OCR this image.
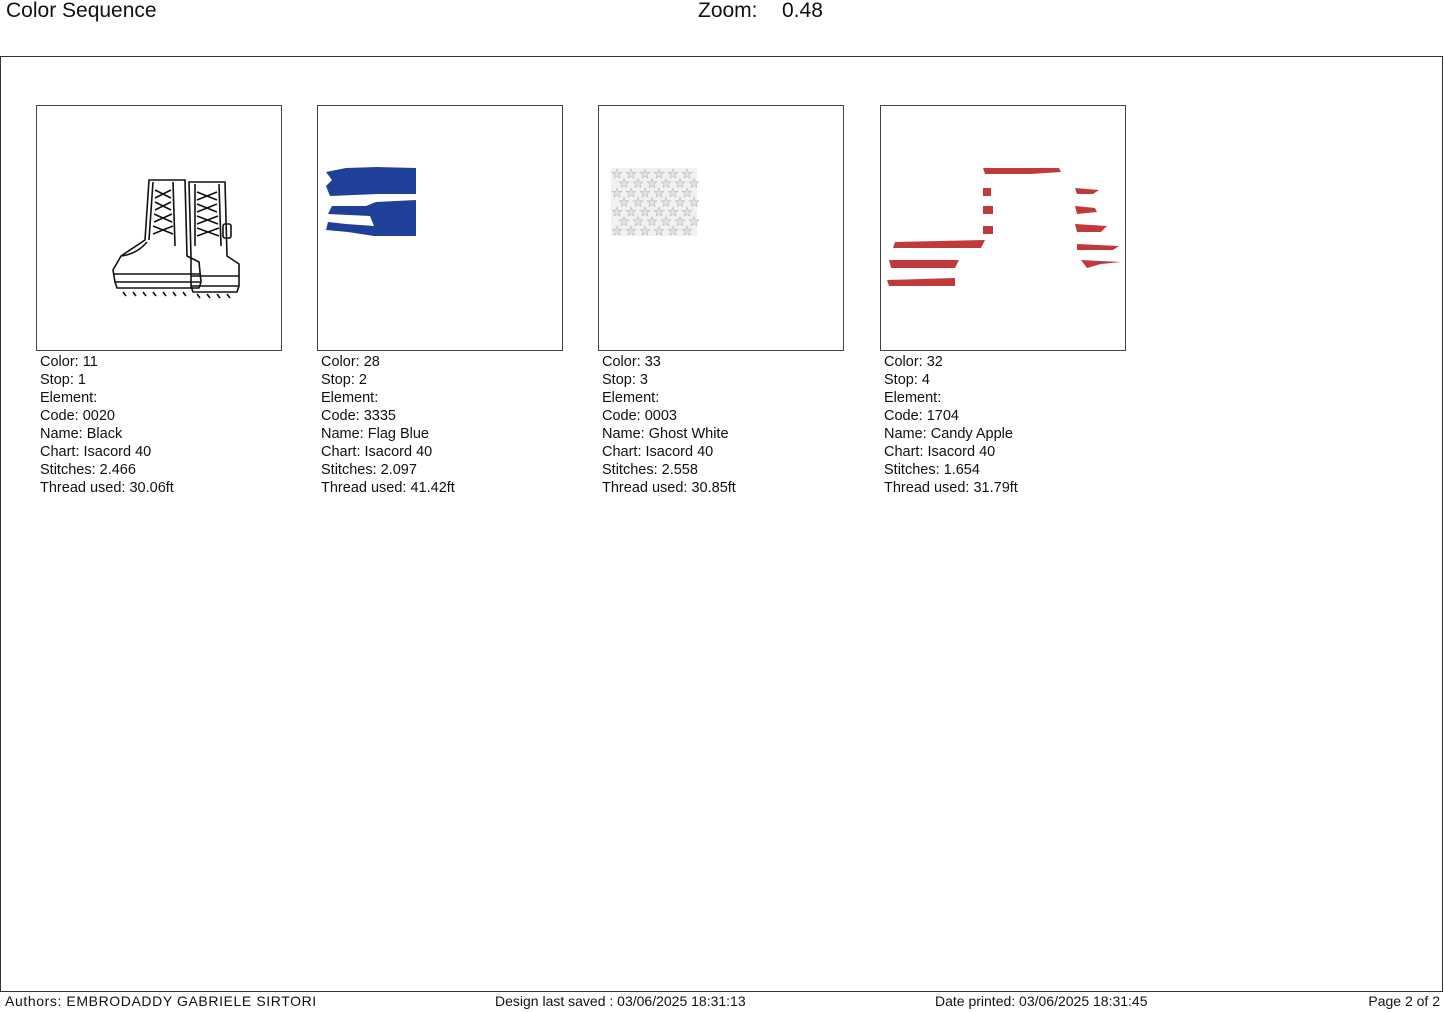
Color Sequence	Zoom: 0.48
Color: 11
Stop: 1
Element:
Code: 0020
Name: Black
Chart: Isacord 40
Stitches: 2.466
Thread used: 30.06ft
Color: 28
Stop: 2
Element:
Code: 3335
Name: Flag Blue
Chart: Isacord 40
Stitches: 2.097
Thread used: 41.42ft
Color: 33
Stop: 3
Element:
Code: 0003
Name: Ghost White
Chart: Isacord 40
Stitches: 2.558
Thread used: 30.85ft
Color: 32
Stop: 4
Element:
Code: 1704
Name: Candy Apple
Chart: Isacord 40
Stitches: 1.654
Thread used: 31.79ft
Authors: EMBRODADDY GABRIELE SIRTORI	Design last saved : 03/06/2025 18:31:13	Date printed: 03/06/2025 18:31:45	Page 2 of 2
